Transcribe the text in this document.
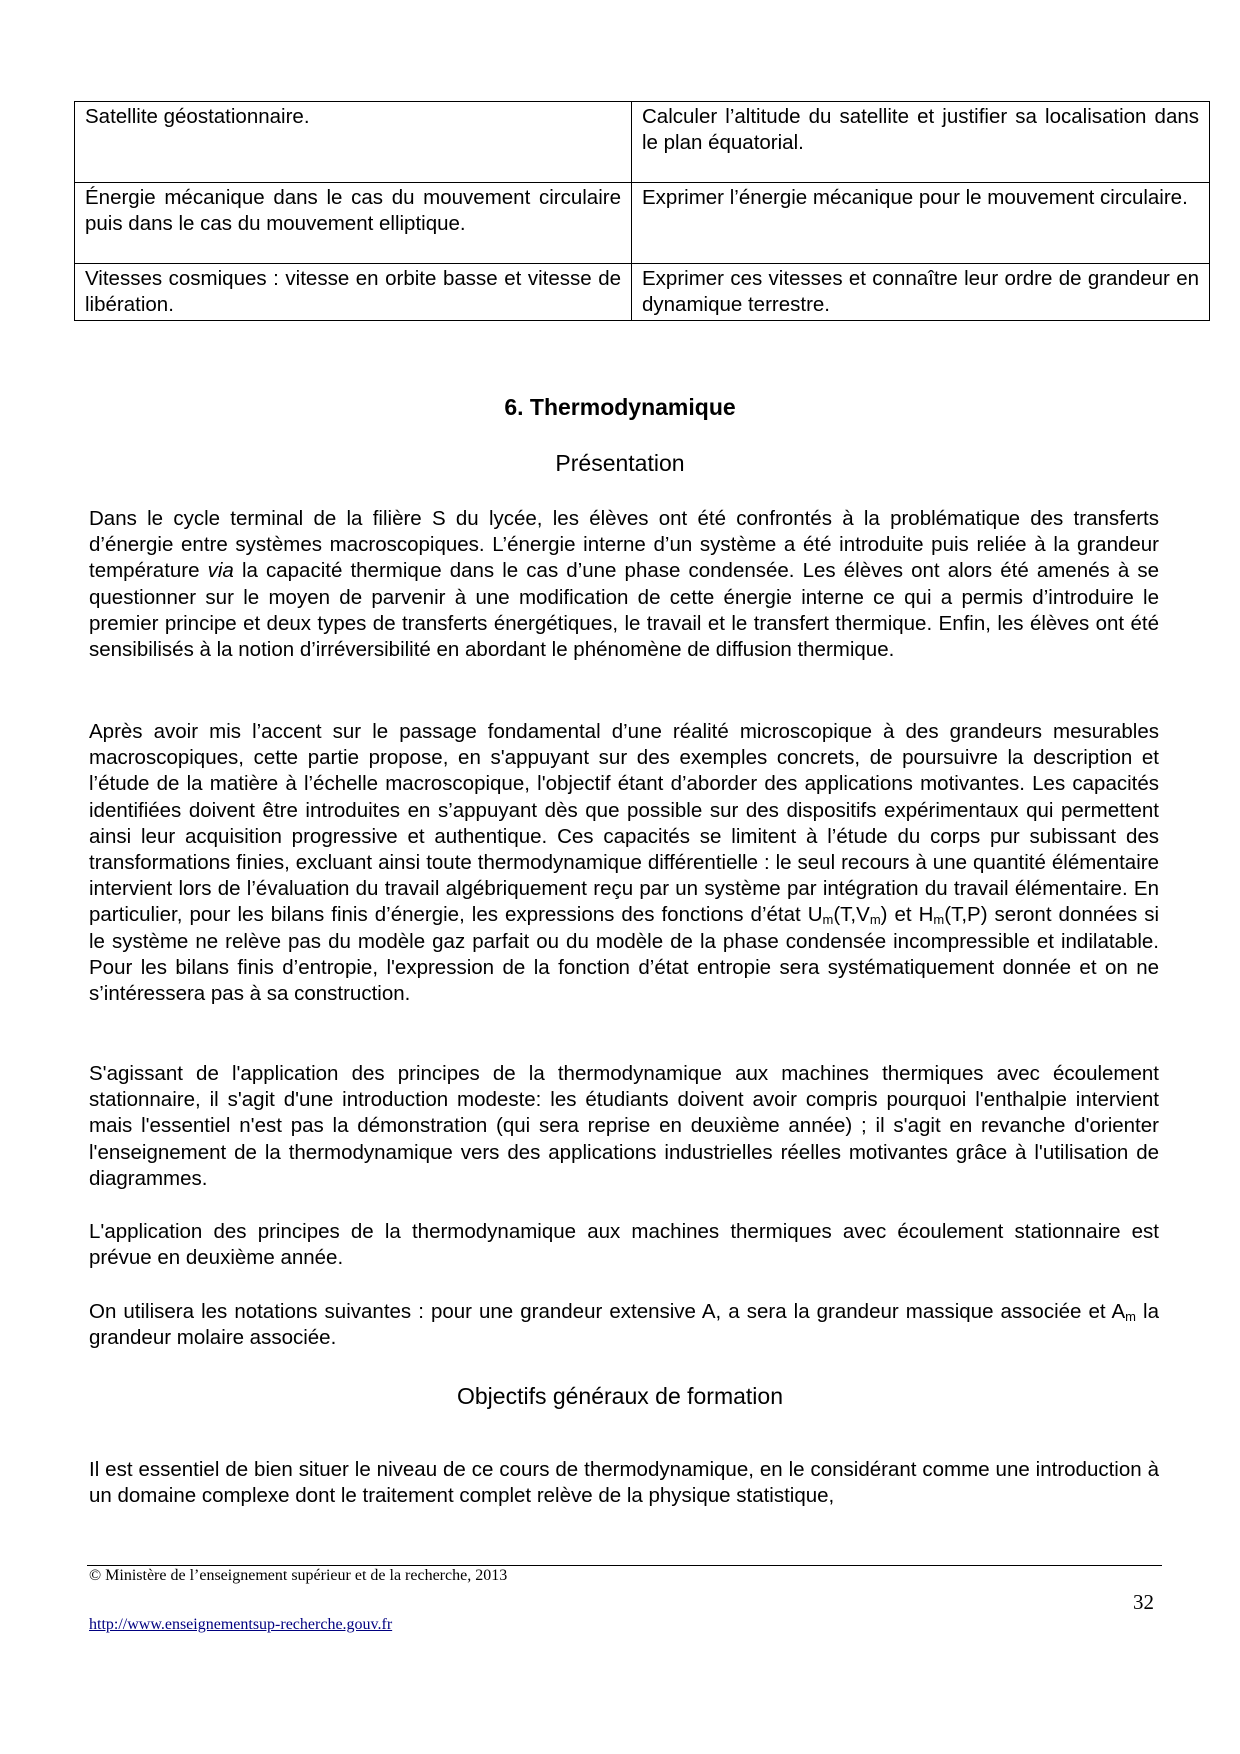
Satellite géostationnaire.	Calculer l’altitude du satellite et justifier sa localisation dans le plan équatorial.
Énergie mécanique dans le cas du mouvement circulaire puis dans le cas du mouvement elliptique.	Exprimer l’énergie mécanique pour le mouvement circulaire.
Vitesses cosmiques : vitesse en orbite basse et vitesse de libération.	Exprimer ces vitesses et connaître leur ordre de grandeur en dynamique terrestre.
6. Thermodynamique
Présentation

Dans le cycle terminal de la filière S du lycée, les élèves ont été confrontés à la problématique des transferts d’énergie entre systèmes macroscopiques. L’énergie interne d’un système a été introduite puis reliée à la grandeur température via la capacité thermique dans le cas d’une phase condensée. Les élèves ont alors été amenés à se questionner sur le moyen de parvenir à une modification de cette énergie interne ce qui a permis d’introduire le premier principe et deux types de transferts énergétiques, le travail et le transfert thermique. Enfin, les élèves ont été sensibilisés à la notion d’irréversibilité en abordant le phénomène de diffusion thermique.

Après avoir mis l’accent sur le passage fondamental d’une réalité microscopique à des grandeurs mesurables macroscopiques, cette partie propose, en s'appuyant sur des exemples concrets, de poursuivre la description et l’étude de la matière à l’échelle macroscopique, l'objectif étant d’aborder des applications motivantes. Les capacités identifiées doivent être introduites en s’appuyant dès que possible sur des dispositifs expérimentaux qui permettent ainsi leur acquisition progressive et authentique. Ces capacités se limitent à l’étude du corps pur subissant des transformations finies, excluant ainsi toute thermodynamique différentielle : le seul recours à une quantité élémentaire intervient lors de l’évaluation du travail algébriquement reçu par un système par intégration du travail élémentaire. En particulier, pour les bilans finis d’énergie, les expressions des fonctions d’état $U_m(T,V_m)$ et $H_m(T,P)$ seront données si le système ne relève pas du modèle gaz parfait ou du modèle de la phase condensée incompressible et indilatable. Pour les bilans finis d’entropie, l'expression de la fonction d’état entropie sera systématiquement donnée et on ne s’intéressera pas à sa construction.

S'agissant de l'application des principes de la thermodynamique aux machines thermiques avec écoulement stationnaire, il s'agit d'une introduction modeste: les étudiants doivent avoir compris pourquoi l'enthalpie intervient mais l'essentiel n'est pas la démonstration (qui sera reprise en deuxième année) ; il s'agit en revanche d'orienter l'enseignement de la thermodynamique vers des applications industrielles réelles motivantes grâce à l'utilisation de diagrammes.

L'application des principes de la thermodynamique aux machines thermiques avec écoulement stationnaire est prévue en deuxième année.

On utilisera les notations suivantes : pour une grandeur extensive A, a sera la grandeur massique associée et $A_m$ la grandeur molaire associée.

Objectifs généraux de formation

Il est essentiel de bien situer le niveau de ce cours de thermodynamique, en le considérant comme une introduction à un domaine complexe dont le traitement complet relève de la physique statistique,

© Ministère de l’enseignement supérieur et de la recherche, 2013
32
http://www.enseignementsup-recherche.gouv.fr
